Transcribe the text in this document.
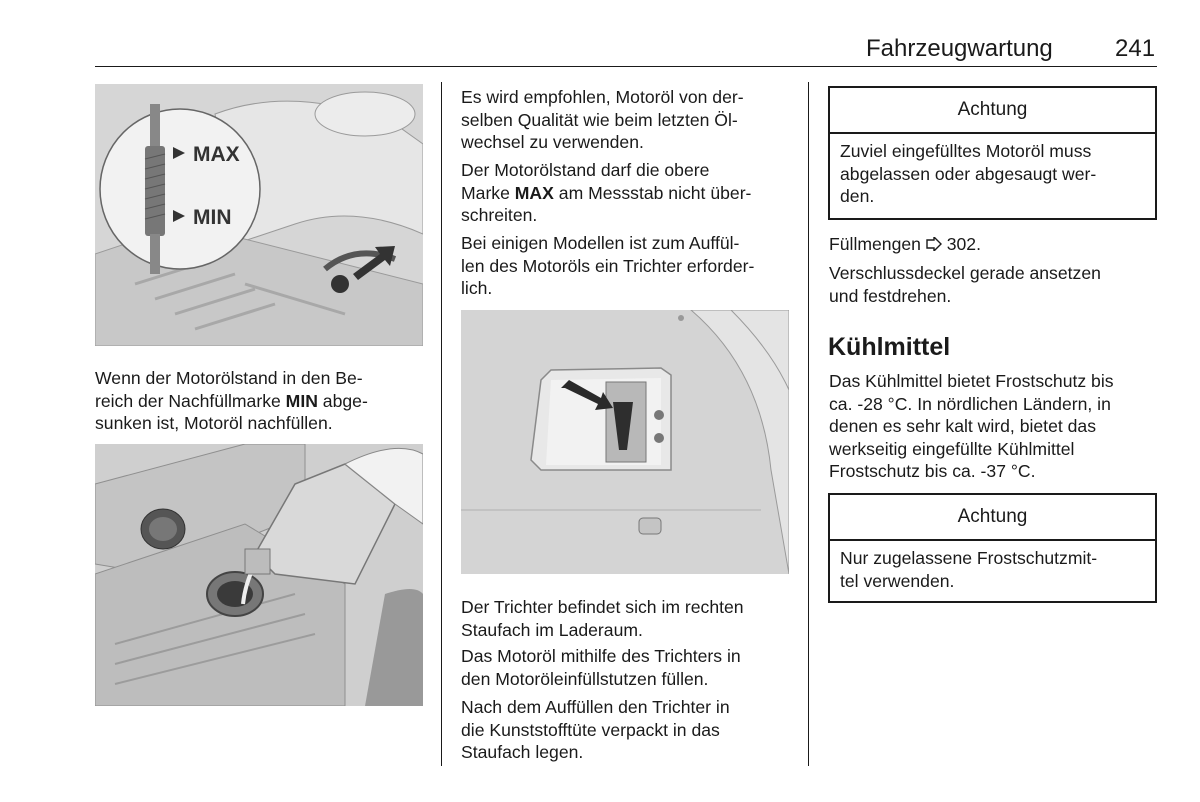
Fahrzeugwartung	241
MAX
MIN

Wenn der Motorölstand in den Be-
reich der Nachfüllmarke MIN abge-
sunken ist, Motoröl nachfüllen.

Es wird empfohlen, Motoröl von der-
selben Qualität wie beim letzten Öl-
wechsel zu verwenden.

Der Motorölstand darf die obere
Marke MAX am Messstab nicht über-
schreiten.

Bei einigen Modellen ist zum Auffül-
len des Motoröls ein Trichter erforder-
lich.

Der Trichter befindet sich im rechten
Staufach im Laderaum.

Das Motoröl mithilfe des Trichters in
den Motoröleinfüllstutzen füllen.

Nach dem Auffüllen den Trichter in
die Kunststofftüte verpackt in das
Staufach legen.

Achtung
Zuviel eingefülltes Motoröl muss
abgelassen oder abgesaugt wer-
den.

Füllmengen  302.

Verschlussdeckel gerade ansetzen
und festdrehen.

Kühlmittel

Das Kühlmittel bietet Frostschutz bis
ca. -28 °C. In nördlichen Ländern, in
denen es sehr kalt wird, bietet das
werkseitig eingefüllte Kühlmittel
Frostschutz bis ca. -37 °C.

Achtung
Nur zugelassene Frostschutzmit-
tel verwenden.
